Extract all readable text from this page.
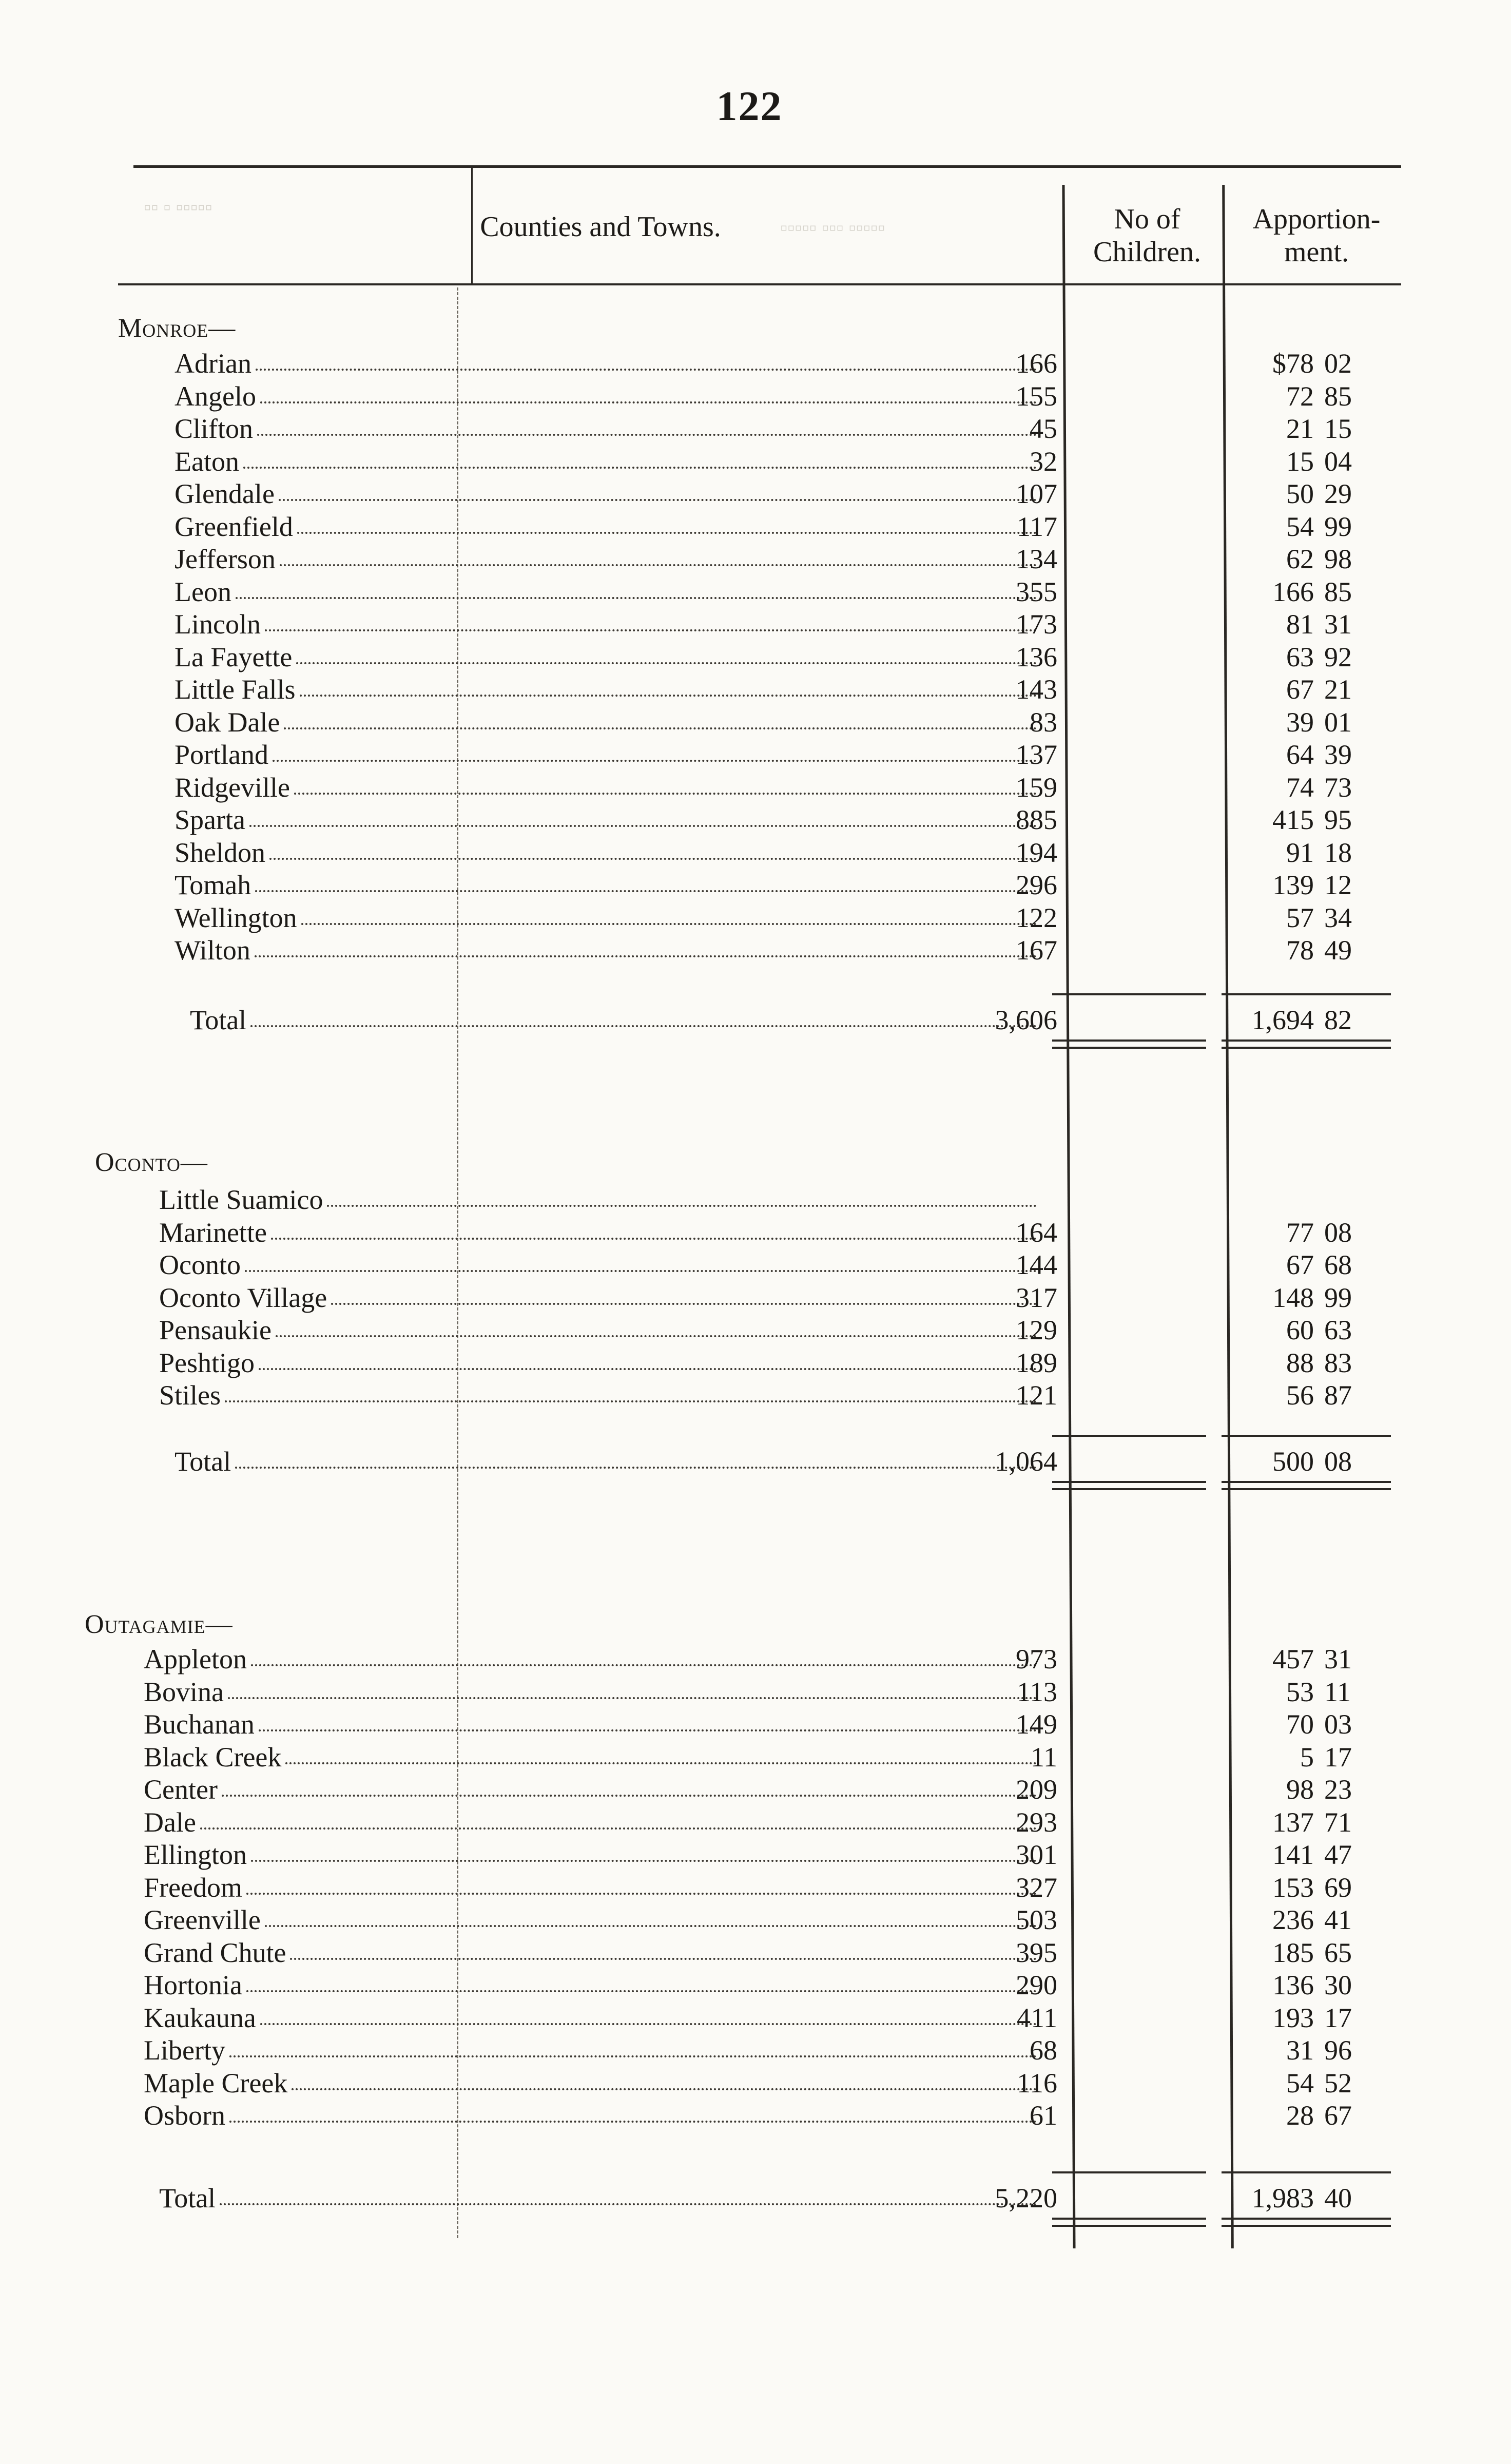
122
Counties and Towns.	No of
Children.
Apportion-
ment.
▫▫▫▫▫ ▫ ▫▫
▫▫▫▫▫ ▫▫▫ ▫▫▫▫▫
Monroe—
Adrian	166	$78 02
Angelo	155	72 85
Clifton	45	21 15
Eaton	32	15 04
Glendale	107	50 29
Greenfield	117	54 99
Jefferson	134	62 98
Leon	355	166 85
Lincoln	173	81 31
La Fayette	136	63 92
Little Falls	143	67 21
Oak Dale	83	39 01
Portland	137	64 39
Ridgeville	159	74 73
Sparta	885	415 95
Sheldon	194	91 18
Tomah	296	139 12
Wellington	122	57 34
Wilton	167	78 49
Total	3,606	1,694 82
Oconto—
Little Suamico
Marinette	164	77 08
Oconto	144	67 68
Oconto Village	317	148 99
Pensaukie	129	60 63
Peshtigo	189	88 83
Stiles	121	56 87
Total	1,064	500 08
Outagamie—
Appleton	973	457 31
Bovina	113	53 11
Buchanan	149	70 03
Black Creek	11	5 17
Center	209	98 23
Dale	293	137 71
Ellington	301	141 47
Freedom	327	153 69
Greenville	503	236 41
Grand Chute	395	185 65
Hortonia	290	136 30
Kaukauna	411	193 17
Liberty	68	31 96
Maple Creek	116	54 52
Osborn	61	28 67
Total	5,220	1,983 40
